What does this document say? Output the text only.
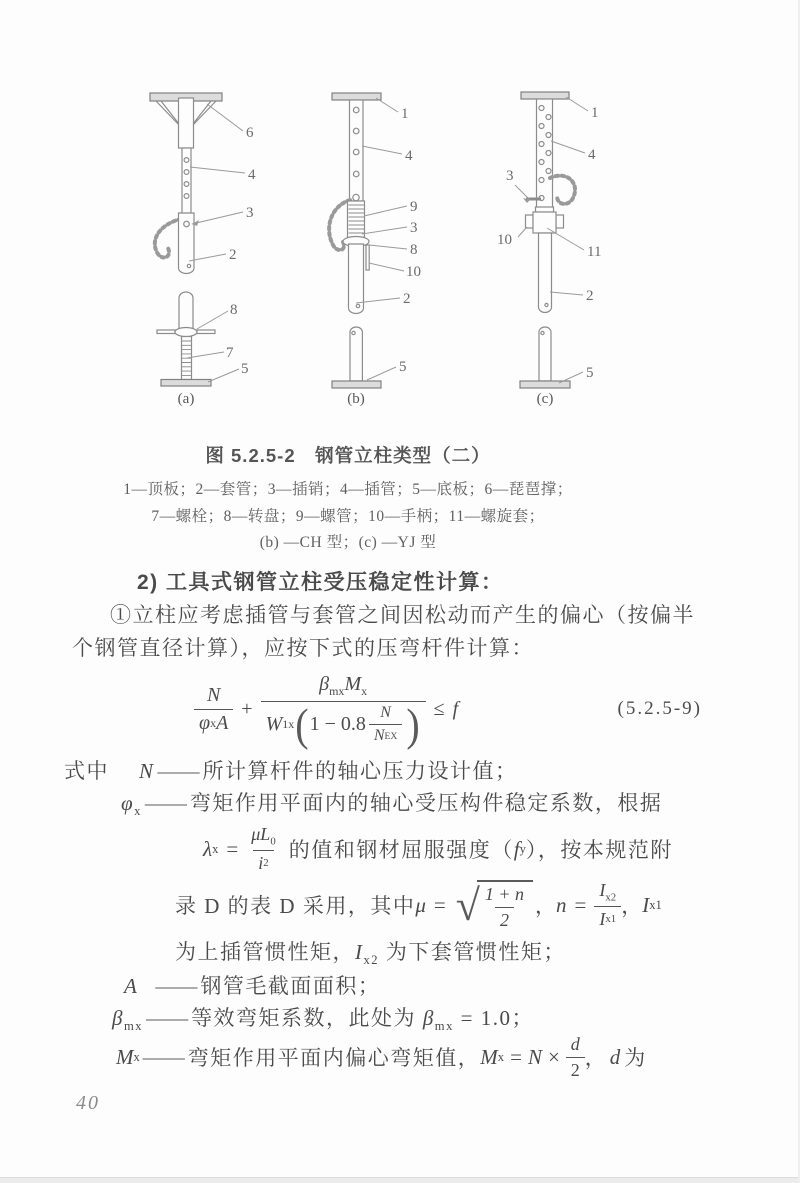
6
4
3
2
8
7
5
1
4
9
3
8
10
2
5
1
4
3
10
11
2
5
(a)	(b)	(c)
图 5.2.5-2　钢管立柱类型（二）
1—顶板；2—套管；3—插销；4—插管；5—底板；6—琵琶撑；
7—螺栓；8—转盘；9—螺管；10—手柄；11—螺旋套；
(b) —CH 型；(c) —YJ 型
2) 工具式钢管立柱受压稳定性计算：
①立柱应考虑插管与套管之间因松动而产生的偏心（按偏半
个钢管直径计算），应按下式的压弯杆件计算：
N
φ x A
+
$\beta_{mx}M_x$
W 1x ( 1 − 0.8
N
N EX ) ≤ f	(5.2.5-9)
式中 N —— 所计算杆件的轴心压力设计值；
$\varphi_x$ —— 弯矩作用平面内的轴心受压构件稳定系数，根据
λ $x = \frac{\mu L_0}{i 2}$ 的值和钢材屈服强度（ f y ），按本规范附
录 D 的表 D 采用，其中 μ = √ $\frac{1 + n}{2}$ ， $n = \frac{I_{x2}}{\text{I x1}}$ ， I x1
为上插管惯性矩，$I_{x2}$ 为下套管惯性矩；
A —— 钢管毛截面面积；
$\beta_{mx}$ —— 等效弯矩系数，此处为 $\beta_{mx} = 1.0$；
M x —— 弯矩作用平面内偏心弯矩值， M $x = N \times \frac{d}{2}$ ， d 为
40
